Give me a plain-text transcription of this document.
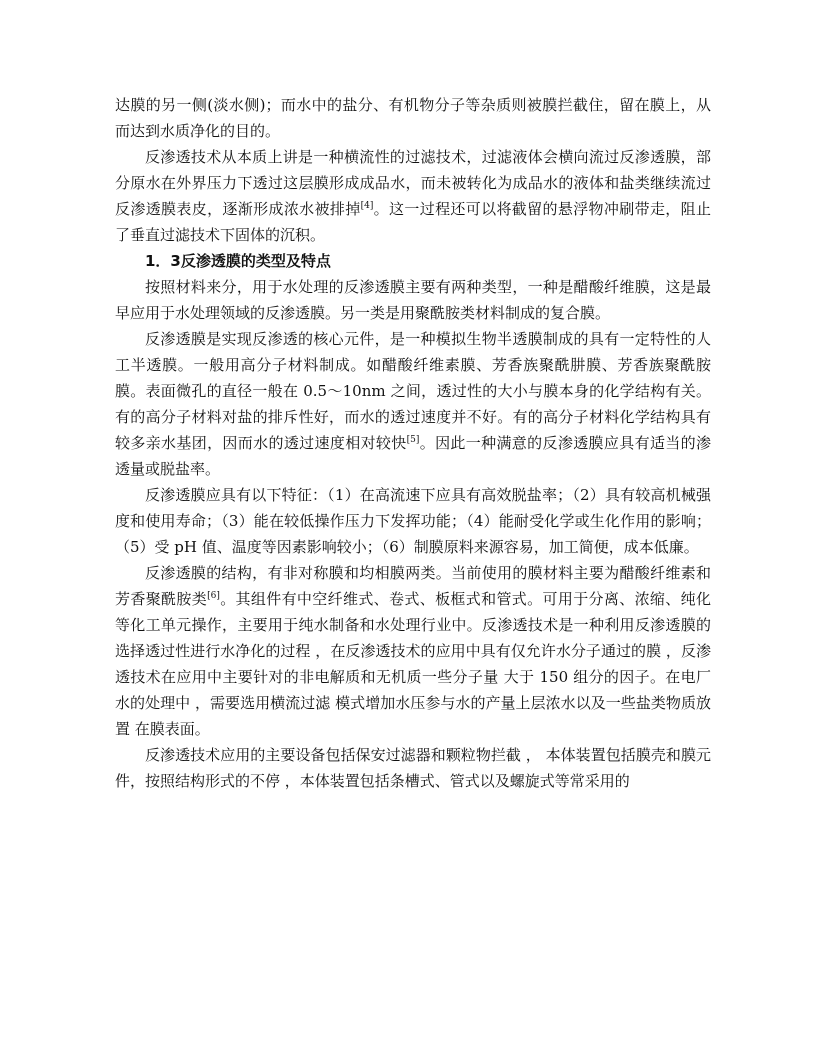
达膜的另一侧(淡水侧)；而水中的盐分、有机物分子等杂质则被膜拦截住，留在膜上，从而达到水质净化的目的。

反渗透技术从本质上讲是一种横流性的过滤技术，过滤液体会横向流过反渗透膜，部分原水在外界压力下透过这层膜形成成品水，而未被转化为成品水的液体和盐类继续流过反渗透膜表皮，逐渐形成浓水被排掉[4]。这一过程还可以将截留的悬浮物冲刷带走，阻止了垂直过滤技术下固体的沉积。

1．3反渗透膜的类型及特点

按照材料来分，用于水处理的反渗透膜主要有两种类型，一种是醋酸纤维膜，这是最早应用于水处理领域的反渗透膜。另一类是用聚酰胺类材料制成的复合膜。

反渗透膜是实现反渗透的核心元件，是一种模拟生物半透膜制成的具有一定特性的人工半透膜。一般用高分子材料制成。如醋酸纤维素膜、芳香族聚酰肼膜、芳香族聚酰胺膜。表面微孔的直径一般在 0.5～10nm 之间，透过性的大小与膜本身的化学结构有关。有的高分子材料对盐的排斥性好，而水的透过速度并不好。有的高分子材料化学结构具有较多亲水基团，因而水的透过速度相对较快[5]。因此一种满意的反渗透膜应具有适当的渗透量或脱盐率。

反渗透膜应具有以下特征：（1）在高流速下应具有高效脱盐率；（2）具有较高机械强度和使用寿命；（3）能在较低操作压力下发挥功能；（4）能耐受化学或生化作用的影响；（5）受 pH 值、温度等因素影响较小；（6）制膜原料来源容易，加工简便，成本低廉。

反渗透膜的结构，有非对称膜和均相膜两类。当前使用的膜材料主要为醋酸纤维素和芳香聚酰胺类[6]。其组件有中空纤维式、卷式、板框式和管式。可用于分离、浓缩、纯化等化工单元操作，主要用于纯水制备和水处理行业中。反渗透技术是一种利用反渗透膜的选择透过性进行水净化的过程 ，在反渗透技术的应用中具有仅允许水分子通过的膜 ，反渗透技术在应用中主要针对的非电解质和无机质一些分子量 大于 150 组分的因子。在电厂水的处理中 ，需要选用横流过滤 模式增加水压参与水的产量上层浓水以及一些盐类物质放置 在膜表面。

反渗透技术应用的主要设备包括保安过滤器和颗粒物拦截 ， 本体装置包括膜壳和膜元件，按照结构形式的不停 ，本体装置包括条槽式、管式以及螺旋式等常采用的
